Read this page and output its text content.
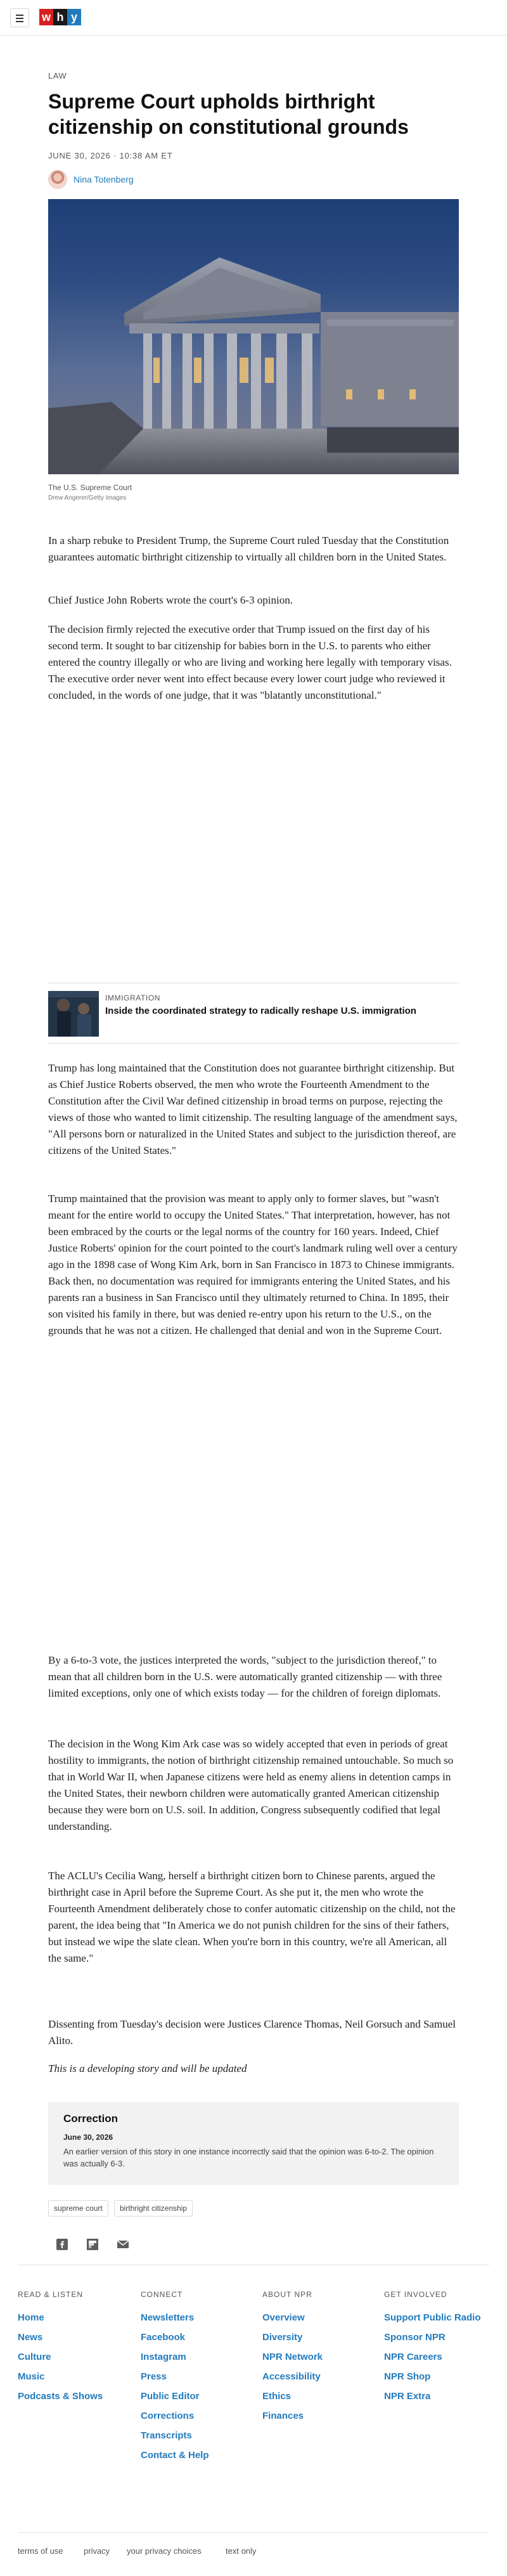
w h y
LAW
Supreme Court upholds birthright citizenship on constitutional grounds
JUNE 30, 2026 · 10:38 AM ET
Nina Totenberg
The U.S. Supreme Court
Drew Angerer/Getty Images

In a sharp rebuke to President Trump, the Supreme Court ruled Tuesday that the Constitution guarantees automatic birthright citizenship to virtually all children born in the United States.

Chief Justice John Roberts wrote the court's 6-3 opinion.

The decision firmly rejected the executive order that Trump issued on the first day of his second term. It sought to bar citizenship for babies born in the U.S. to parents who either entered the country illegally or who are living and working here legally with temporary visas. The executive order never went into effect because every lower court judge who reviewed it concluded, in the words of one judge, that it was "blatantly unconstitutional."

IMMIGRATION
Inside the coordinated strategy to radically reshape U.S. immigration

Trump has long maintained that the Constitution does not guarantee birthright citizenship. But as Chief Justice Roberts observed, the men who wrote the Fourteenth Amendment to the Constitution after the Civil War defined citizenship in broad terms on purpose, rejecting the views of those who wanted to limit citizenship. The resulting language of the amendment says, "All persons born or naturalized in the United States and subject to the jurisdiction thereof, are citizens of the United States."

Trump maintained that the provision was meant to apply only to former slaves, but "wasn't meant for the entire world to occupy the United States." That interpretation, however, has not been embraced by the courts or the legal norms of the country for 160 years. Indeed, Chief Justice Roberts' opinion for the court pointed to the court's landmark ruling well over a century ago in the 1898 case of Wong Kim Ark, born in San Francisco in 1873 to Chinese immigrants. Back then, no documentation was required for immigrants entering the United States, and his parents ran a business in San Francisco until they ultimately returned to China. In 1895, their son visited his family in there, but was denied re-entry upon his return to the U.S., on the grounds that he was not a citizen. He challenged that denial and won in the Supreme Court.

By a 6-to-3 vote, the justices interpreted the words, "subject to the jurisdiction thereof," to mean that all children born in the U.S. were automatically granted citizenship — with three limited exceptions, only one of which exists today — for the children of foreign diplomats.

The decision in the Wong Kim Ark case was so widely accepted that even in periods of great hostility to immigrants, the notion of birthright citizenship remained untouchable. So much so that in World War II, when Japanese citizens were held as enemy aliens in detention camps in the United States, their newborn children were automatically granted American citizenship because they were born on U.S. soil. In addition, Congress subsequently codified that legal understanding.

The ACLU's Cecilia Wang, herself a birthright citizen born to Chinese parents, argued the birthright case in April before the Supreme Court. As she put it, the men who wrote the Fourteenth Amendment deliberately chose to confer automatic citizenship on the child, not the parent, the idea being that "In America we do not punish children for the sins of their fathers, but instead we wipe the slate clean. When you're born in this country, we're all American, all the same."

Dissenting from Tuesday's decision were Justices Clarence Thomas, Neil Gorsuch and Samuel Alito.

This is a developing story and will be updated

Correction
June 30, 2026
An earlier version of this story in one instance incorrectly said that the opinion was 6-to-2. The opinion was actually 6-3.
supreme court	birthright citizenship
READ & LISTEN
Home
News
Culture
Music
Podcasts & Shows
CONNECT
Newsletters
Facebook
Instagram
Press
Public Editor
Corrections
Transcripts
Contact & Help
ABOUT NPR
Overview
Diversity
NPR Network
Accessibility
Ethics
Finances
GET INVOLVED
Support Public Radio
Sponsor NPR
NPR Careers
NPR Shop
NPR Extra
terms of use privacy your privacy choices	text only
